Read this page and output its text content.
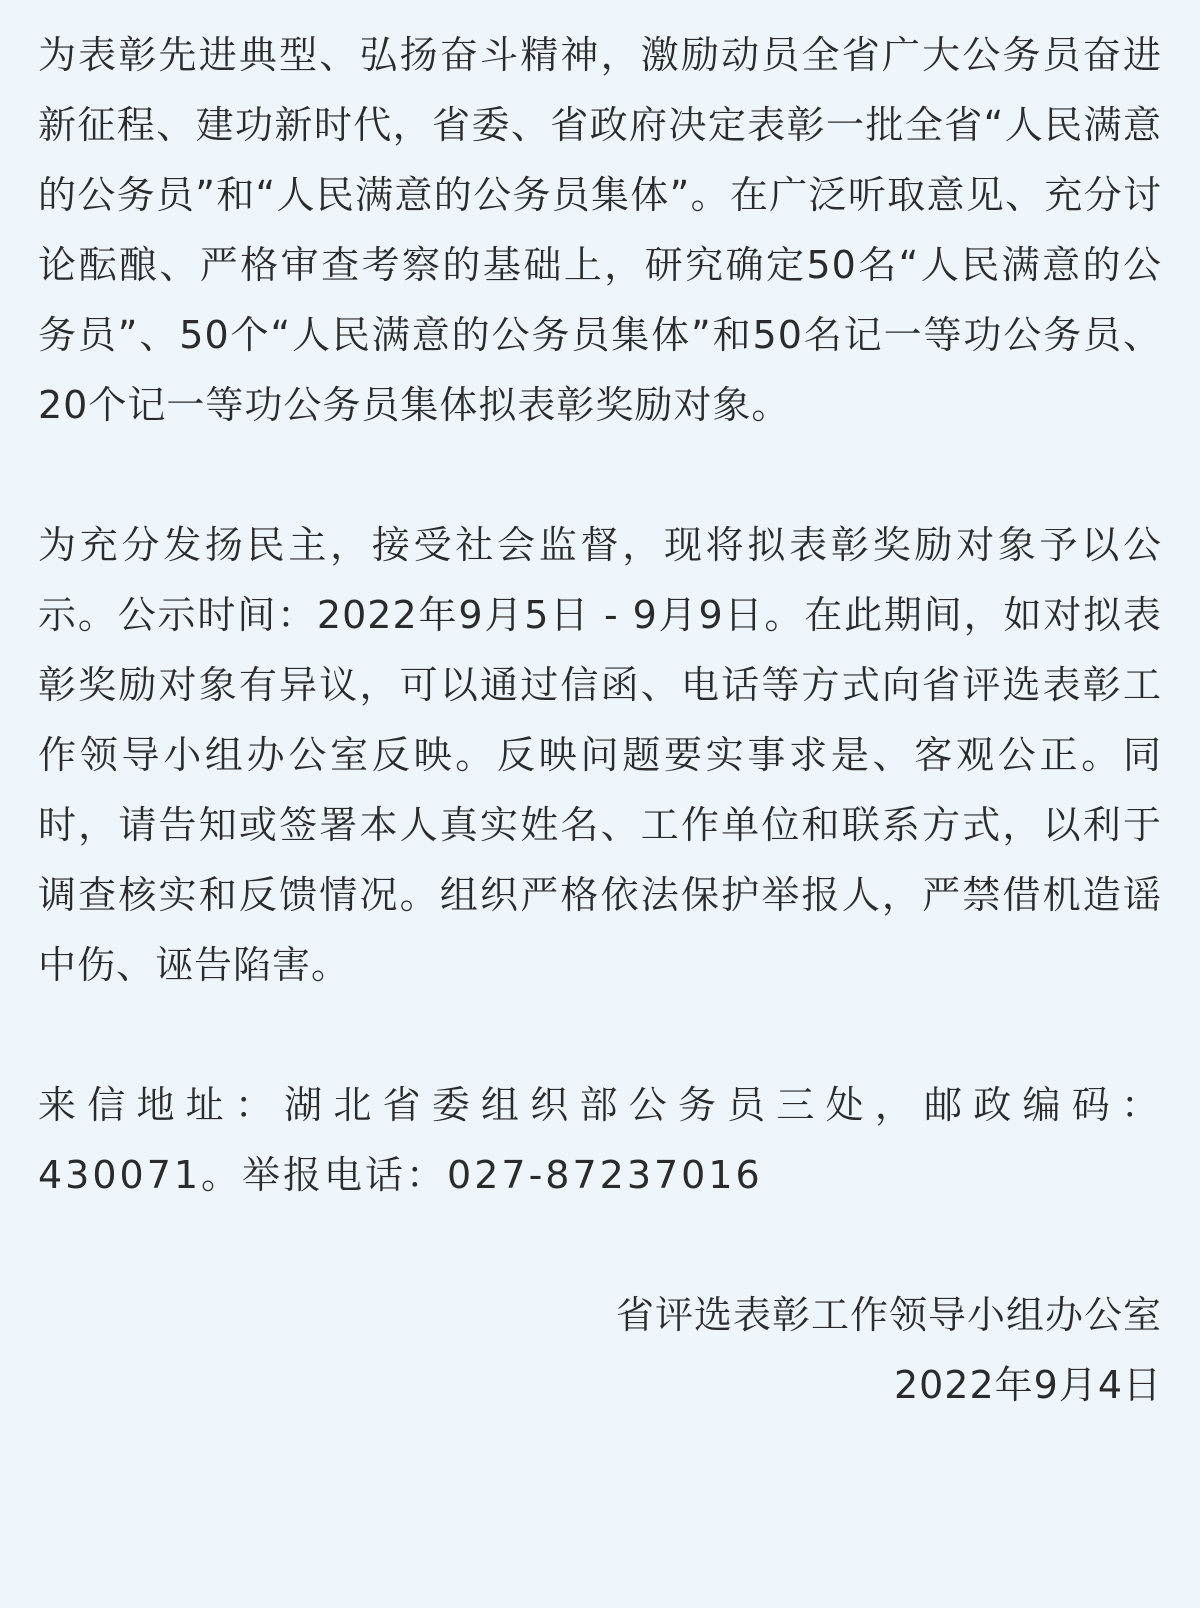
为表彰先进典型、弘扬奋斗精神，激励动员全省广大公务员奋进新征程、建功新时代，省委、省政府决定表彰一批全省“人民满意的公务员”和“人民满意的公务员集体”。在广泛听取意见、充分讨论酝酿、严格审查考察的基础上，研究确定50名“人民满意的公务员”、50个“人民满意的公务员集体”和50名记一等功公务员、20个记一等功公务员集体拟表彰奖励对象。

为充分发扬民主，接受社会监督，现将拟表彰奖励对象予以公示。公示时间：2022年9月5日 - 9月9日。在此期间，如对拟表彰奖励对象有异议，可以通过信函、电话等方式向省评选表彰工作领导小组办公室反映。反映问题要实事求是、客观公正。同时，请告知或签署本人真实姓名、工作单位和联系方式，以利于调查核实和反馈情况。组织严格依法保护举报人，严禁借机造谣中伤、诬告陷害。

来信地址：湖北省委组织部公务员三处，邮政编码：430071。举报电话：027-87237016

省评选表彰工作领导小组办公室
2022年9月4日
